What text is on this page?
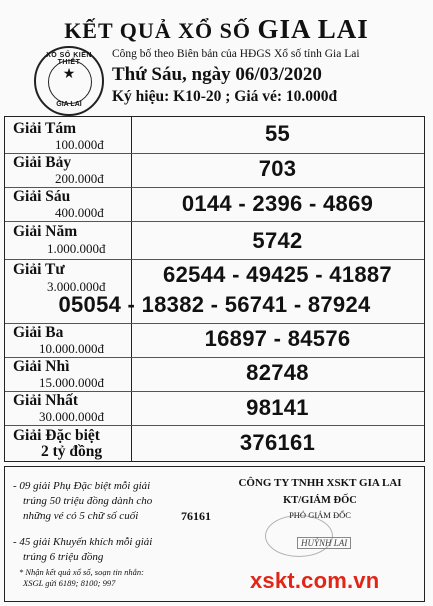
KẾT QUẢ XỔ SỐ GIA LAI
XỔ SỐ KIẾN THIẾT
★
GIA LAI
Công bố theo Biên bản của HĐGS Xổ số tỉnh Gia Lai
Thứ Sáu, ngày 06/03/2020
Ký hiệu: K10-20 ; Giá vé: 10.000đ
Giải Tám
100.000đ	55
Giải Bảy
200.000đ	703
Giải Sáu
400.000đ	0144 - 2396 - 4869
Giải Năm
1.000.000đ	5742
Giải Tư
3.000.000đ	62544 - 49425 - 41887
05054 - 18382 - 56741 - 87924
Giải Ba
10.000.000đ	16897 - 84576
Giải Nhì
15.000.000đ	82748
Giải Nhất
30.000.000đ	98141
Giải Đặc biệt
2 tỷ đồng	376161
- 09 giải Phụ Đặc biệt mỗi giải
trúng 50 triệu đồng dành cho
những vé có 5 chữ số cuối	76161
- 45 giải Khuyến khích mỗi giải
trúng 6 triệu đồng
* Nhận kết quả xổ số, soạn tin nhắn:
XSGL gửi 6189; 8100; 997
CÔNG TY TNHH XSKT GIA LAI
KT/GIÁM ĐỐC
PHÓ GIÁM ĐỐC
HUỲNH LAI
xskt.com.vn
